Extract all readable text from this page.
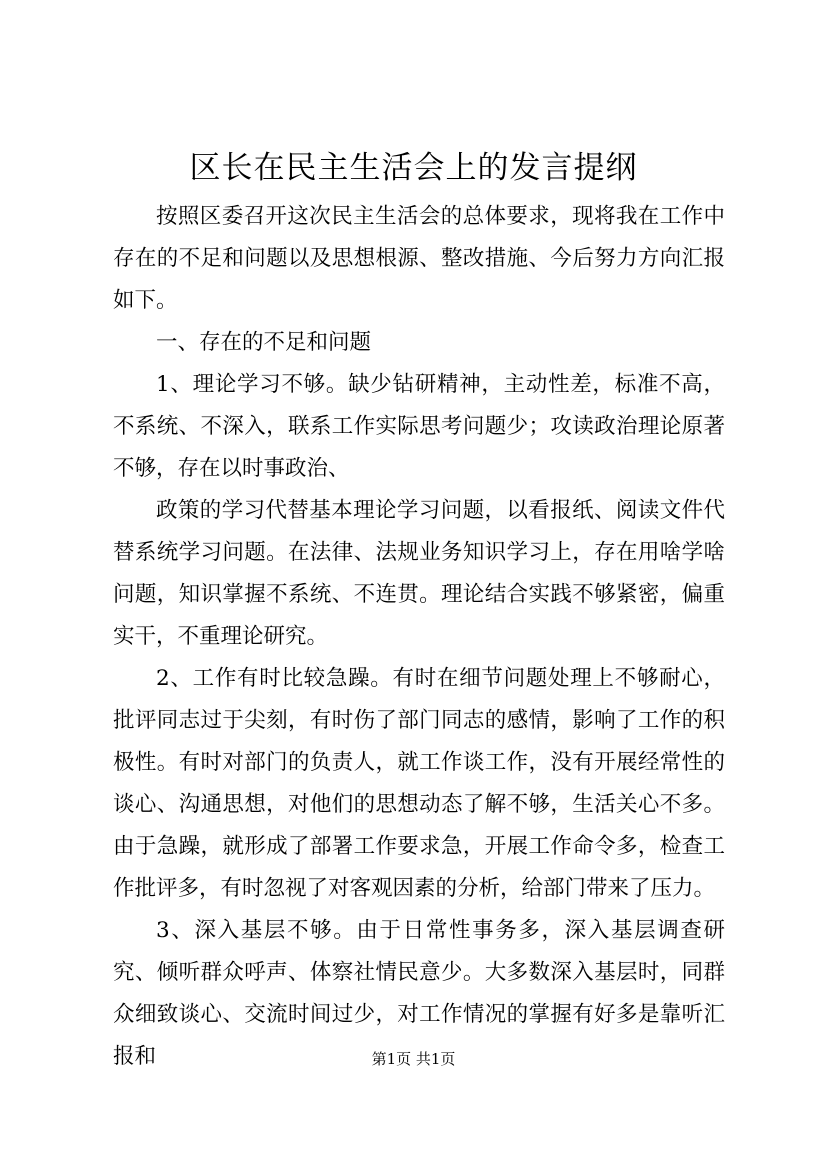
区长在民主生活会上的发言提纲

按照区委召开这次民主生活会的总体要求，现将我在工作中存在的不足和问题以及思想根源、整改措施、今后努力方向汇报如下。

一、存在的不足和问题

1、理论学习不够。缺少钻研精神，主动性差，标准不高，不系统、不深入，联系工作实际思考问题少；攻读政治理论原著不够，存在以时事政治、

政策的学习代替基本理论学习问题，以看报纸、阅读文件代替系统学习问题。在法律、法规业务知识学习上，存在用啥学啥问题，知识掌握不系统、不连贯。理论结合实践不够紧密，偏重实干，不重理论研究。

2、工作有时比较急躁。有时在细节问题处理上不够耐心，批评同志过于尖刻，有时伤了部门同志的感情，影响了工作的积极性。有时对部门的负责人，就工作谈工作，没有开展经常性的谈心、沟通思想，对他们的思想动态了解不够，生活关心不多。由于急躁，就形成了部署工作要求急，开展工作命令多，检查工作批评多，有时忽视了对客观因素的分析，给部门带来了压力。

3、深入基层不够。由于日常性事务多，深入基层调查研究、倾听群众呼声、体察社情民意少。大多数深入基层时，同群众细致谈心、交流时间过少，对工作情况的掌握有好多是靠听汇报和	第1页 共1页
